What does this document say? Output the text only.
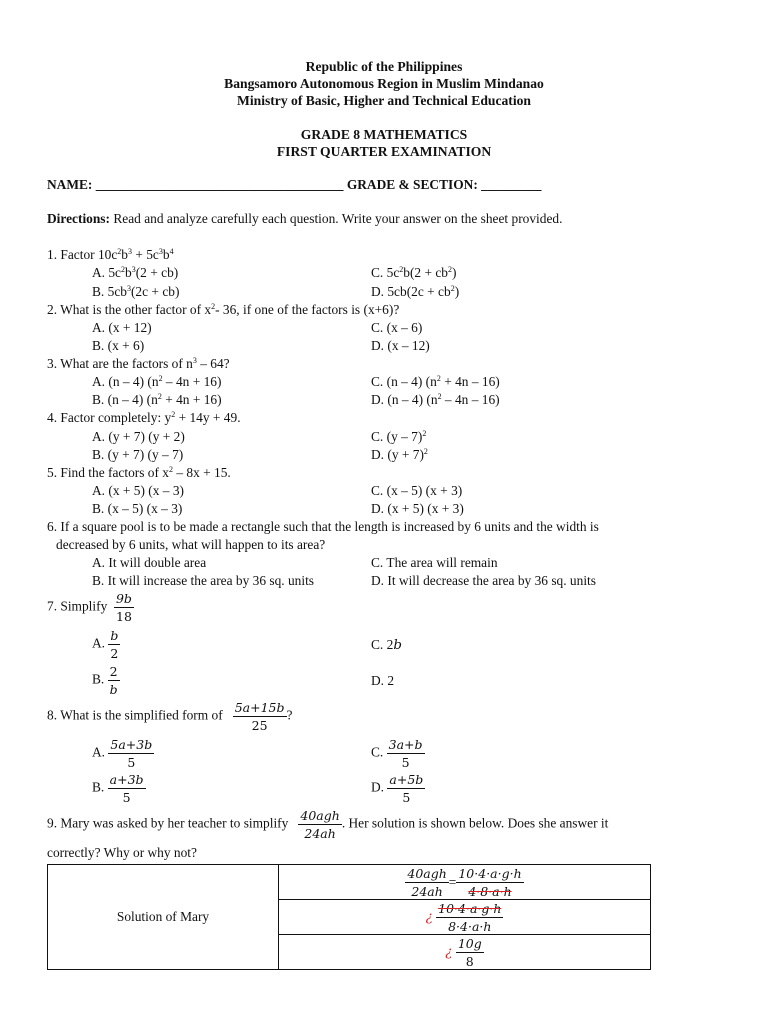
Republic of the Philippines
Bangsamoro Autonomous Region in Muslim Mindanao
Ministry of Basic, Higher and Technical Education
GRADE 8 MATHEMATICS
FIRST QUARTER EXAMINATION
NAME: _____________________________________ GRADE & SECTION: _________
Directions: Read and analyze carefully each question. Write your answer on the sheet provided.
1. Factor $10c^2b^3 + 5c^3b^4$
A. $5c^2b^3(2 + cb)$	C. $5c^2b(2 + cb^2)$
B. $5cb^3(2c + cb)$	D. $5cb(2c + cb^2)$
2. What is the other factor of $x^2-$ 36, if one of the factors is (x+6)?
A. (x + 12)	C. (x – 6)
B. (x + 6)	D. (x – 12)
3. What are the factors of $n^3 - 64$?
A. (n – 4) $(n^2 - 4n + 16)$	C. (n – 4) $(n^2 + 4n - 16)$
B. (n – 4) $(n^2 + 4n + 16)$	D. (n – 4) $(n^2 - 4n - 16)$
4. Factor completely: $y^2 + 14y + 49$.
A. (y + 7) (y + 2)	C. (y – 7)$^2$
B. (y + 7) (y – 7)	D. $(y + 7)^2$
5. Find the factors of $x^2 - 8x + 15$.
A. (x + 5) (x – 3)	C. (x – 5) (x + 3)
B. (x – 5) (x – 3)	D. (x + 5) (x + 3)
6. If a square pool is to be made a rectangle such that the length is increased by 6 units and the width is
decreased by 6 units, what will happen to its area?
A. It will double area	C. The area will remain
B. It will increase the area by 36 sq. units	D. It will decrease the area by 36 sq. units
7. Simplify $\frac{9b}{18}$
A. $\frac{b}{2}$	C. 2b
B. $\frac{2}{b}$	D. 2
8. What is the simplified form of $\frac{5a+15b}{25}$ ?
A. $\frac{5a+3b}{5}$	C. $\frac{3a+b}{5}$
B. $\frac{a+3b}{5}$	D. $\frac{a+5b}{5}$
9. Mary was asked by her teacher to simplify $\frac{\text{40agh}}{24ah}$ . Her solution is shown below. Does she answer it
correctly? Why or why not?
Solution of Mary	
$\frac{\text{40agh}}{24ah} = \frac{10\cdot 4\cdot a\cdot g\cdot h}{4\cdot 8\cdot a\cdot h}$

¿ $\frac{10\cdot 4\cdot a\cdot g\cdot h}{8\cdot 4\cdot a\cdot h}$

¿ $\frac{10g}{8}$
